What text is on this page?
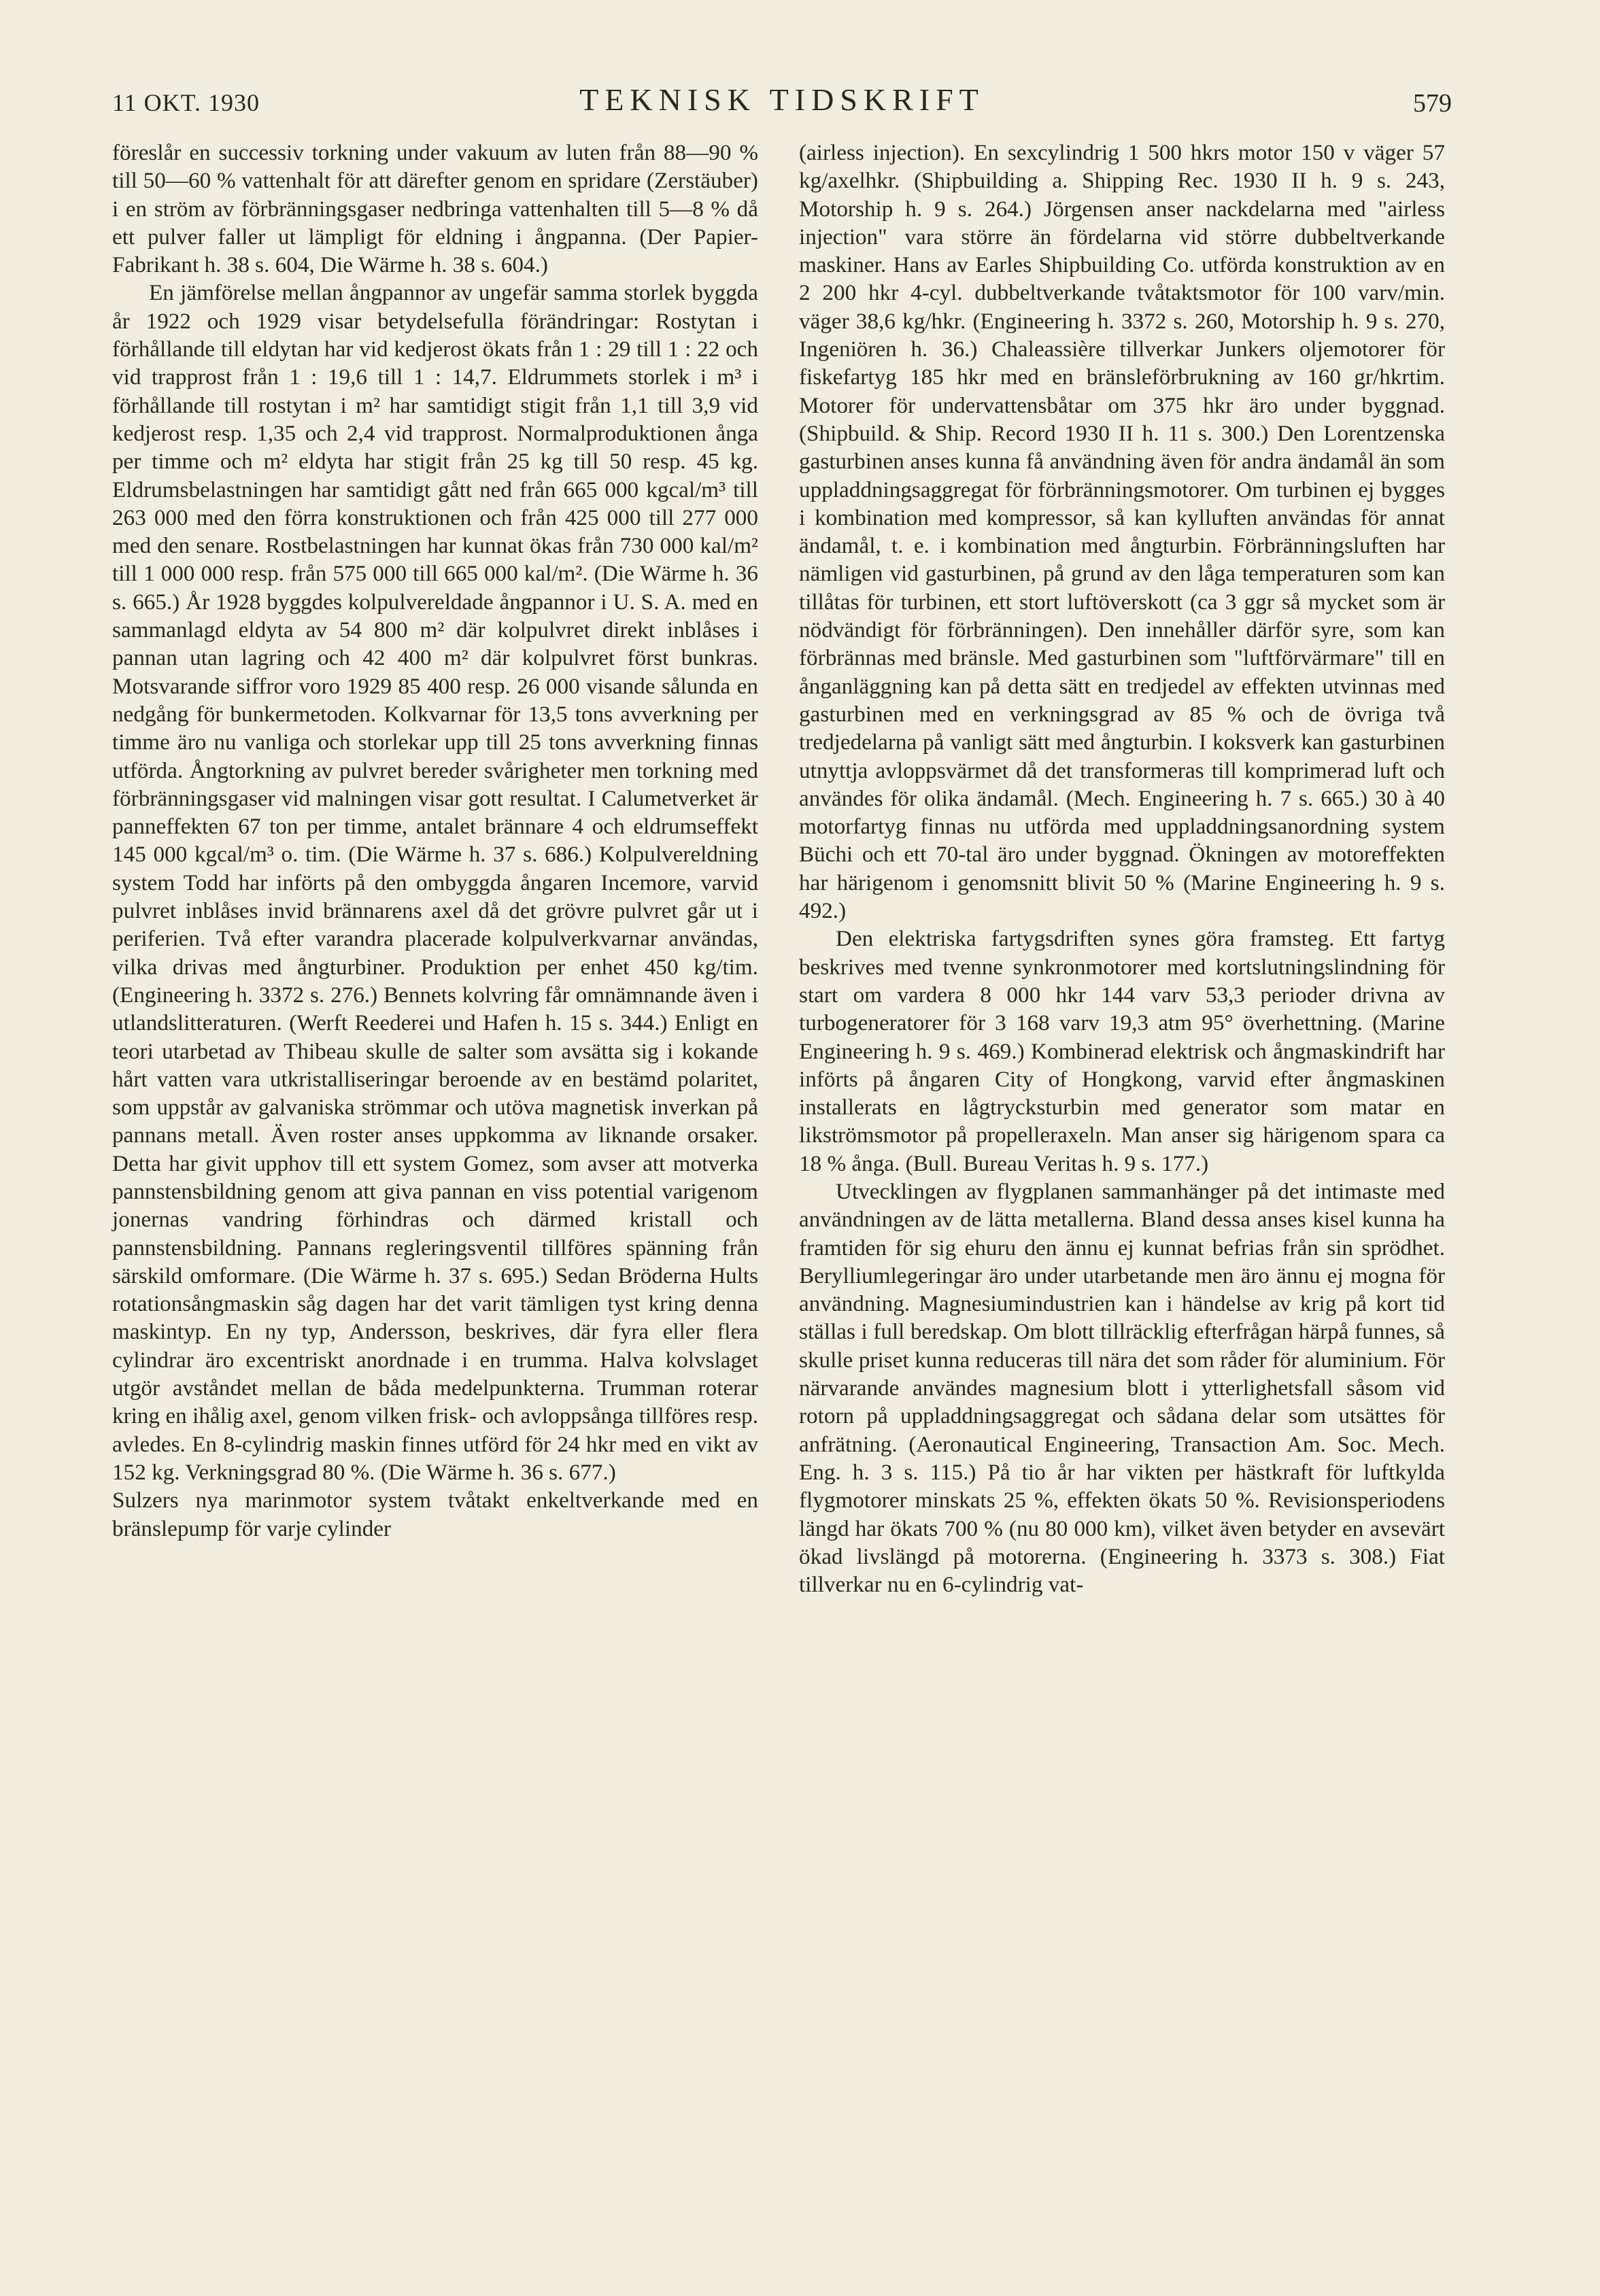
11 OKT. 1930	TEKNISK TIDSKRIFT	579

föreslår en successiv torkning under vakuum av luten från 88—90 % till 50—60 % vattenhalt för att därefter genom en spridare (Zerstäuber) i en ström av förbränningsgaser nedbringa vattenhalten till 5—8 % då ett pulver faller ut lämpligt för eldning i ångpanna. (Der Papier-Fabrikant h. 38 s. 604, Die Wärme h. 38 s. 604.)

En jämförelse mellan ångpannor av ungefär samma storlek byggda år 1922 och 1929 visar betydelsefulla förändringar: Rostytan i förhållande till eldytan har vid kedjerost ökats från 1 : 29 till 1 : 22 och vid trapprost från 1 : 19,6 till 1 : 14,7. Eldrummets storlek i m³ i förhållande till rostytan i m² har samtidigt stigit från 1,1 till 3,9 vid kedjerost resp. 1,35 och 2,4 vid trapprost. Normalproduktionen ånga per timme och m² eldyta har stigit från 25 kg till 50 resp. 45 kg. Eldrumsbelastningen har samtidigt gått ned från 665 000 kgcal/m³ till 263 000 med den förra konstruktionen och från 425 000 till 277 000 med den senare. Rostbelastningen har kunnat ökas från 730 000 kal/m² till 1 000 000 resp. från 575 000 till 665 000 kal/m². (Die Wärme h. 36 s. 665.) År 1928 byggdes kolpulvereldade ångpannor i U. S. A. med en sammanlagd eldyta av 54 800 m² där kolpulvret direkt inblåses i pannan utan lagring och 42 400 m² där kolpulvret först bunkras. Motsvarande siffror voro 1929 85 400 resp. 26 000 visande sålunda en nedgång för bunkermetoden. Kolkvarnar för 13,5 tons avverkning per timme äro nu vanliga och storlekar upp till 25 tons avverkning finnas utförda. Ångtorkning av pulvret bereder svårigheter men torkning med förbränningsgaser vid malningen visar gott resultat. I Calumetverket är panneffekten 67 ton per timme, antalet brännare 4 och eldrumseffekt 145 000 kgcal/m³ o. tim. (Die Wärme h. 37 s. 686.) Kolpulvereldning system Todd har införts på den ombyggda ångaren Incemore, varvid pulvret inblåses invid brännarens axel då det grövre pulvret går ut i periferien. Två efter varandra placerade kolpulverkvarnar användas, vilka drivas med ångturbiner. Produktion per enhet 450 kg/tim. (Engineering h. 3372 s. 276.) Bennets kolvring får omnämnande även i utlandslitteraturen. (Werft Reederei und Hafen h. 15 s. 344.) Enligt en teori utarbetad av Thibeau skulle de salter som avsätta sig i kokande hårt vatten vara utkristalliseringar beroende av en bestämd polaritet, som uppstår av galvaniska strömmar och utöva magnetisk inverkan på pannans metall. Även roster anses uppkomma av liknande orsaker. Detta har givit upphov till ett system Gomez, som avser att motverka pannstensbildning genom att giva pannan en viss potential varigenom jonernas vandring förhindras och därmed kristall och pannstensbildning. Pannans regleringsventil tillföres spänning från särskild omformare. (Die Wärme h. 37 s. 695.) Sedan Bröderna Hults rotationsångmaskin såg dagen har det varit tämligen tyst kring denna maskintyp. En ny typ, Andersson, beskrives, där fyra eller flera cylindrar äro excentriskt anordnade i en trumma. Halva kolvslaget utgör avståndet mellan de båda medelpunkterna. Trumman roterar kring en ihålig axel, genom vilken frisk- och avloppsånga tillföres resp. avledes. En 8-cylindrig maskin finnes utförd för 24 hkr med en vikt av 152 kg. Verkningsgrad 80 %. (Die Wärme h. 36 s. 677.)

Sulzers nya marinmotor system tvåtakt enkeltverkande med en bränslepump för varje cylinder

(airless injection). En sexcylindrig 1 500 hkrs motor 150 v väger 57 kg/axelhkr. (Shipbuilding a. Shipping Rec. 1930 II h. 9 s. 243, Motorship h. 9 s. 264.) Jörgensen anser nackdelarna med "airless injection" vara större än fördelarna vid större dubbeltverkande maskiner. Hans av Earles Shipbuilding Co. utförda konstruktion av en 2 200 hkr 4-cyl. dubbeltverkande tvåtaktsmotor för 100 varv/min. väger 38,6 kg/hkr. (Engineering h. 3372 s. 260, Motorship h. 9 s. 270, Ingeniören h. 36.) Chaleassière tillverkar Junkers oljemotorer för fiskefartyg 185 hkr med en bränsleförbrukning av 160 gr/hkrtim. Motorer för undervattensbåtar om 375 hkr äro under byggnad. (Shipbuild. & Ship. Record 1930 II h. 11 s. 300.) Den Lorentzenska gasturbinen anses kunna få användning även för andra ändamål än som uppladdningsaggregat för förbränningsmotorer. Om turbinen ej bygges i kombination med kompressor, så kan kylluften användas för annat ändamål, t. e. i kombination med ångturbin. Förbränningsluften har nämligen vid gasturbinen, på grund av den låga temperaturen som kan tillåtas för turbinen, ett stort luftöverskott (ca 3 ggr så mycket som är nödvändigt för förbränningen). Den innehåller därför syre, som kan förbrännas med bränsle. Med gasturbinen som "luftförvärmare" till en ånganläggning kan på detta sätt en tredjedel av effekten utvinnas med gasturbinen med en verkningsgrad av 85 % och de övriga två tredjedelarna på vanligt sätt med ångturbin. I koksverk kan gasturbinen utnyttja avloppsvärmet då det transformeras till komprimerad luft och användes för olika ändamål. (Mech. Engineering h. 7 s. 665.) 30 à 40 motorfartyg finnas nu utförda med uppladdningsanordning system Büchi och ett 70-tal äro under byggnad. Ökningen av motoreffekten har härigenom i genomsnitt blivit 50 % (Marine Engineering h. 9 s. 492.)

Den elektriska fartygsdriften synes göra framsteg. Ett fartyg beskrives med tvenne synkronmotorer med kortslutningslindning för start om vardera 8 000 hkr 144 varv 53,3 perioder drivna av turbogeneratorer för 3 168 varv 19,3 atm 95° överhettning. (Marine Engineering h. 9 s. 469.) Kombinerad elektrisk och ångmaskindrift har införts på ångaren City of Hongkong, varvid efter ångmaskinen installerats en lågtrycksturbin med generator som matar en likströmsmotor på propelleraxeln. Man anser sig härigenom spara ca 18 % ånga. (Bull. Bureau Veritas h. 9 s. 177.)

Utvecklingen av flygplanen sammanhänger på det intimaste med användningen av de lätta metallerna. Bland dessa anses kisel kunna ha framtiden för sig ehuru den ännu ej kunnat befrias från sin sprödhet. Berylliumlegeringar äro under utarbetande men äro ännu ej mogna för användning. Magnesiumindustrien kan i händelse av krig på kort tid ställas i full beredskap. Om blott tillräcklig efterfrågan härpå funnes, så skulle priset kunna reduceras till nära det som råder för aluminium. För närvarande användes magnesium blott i ytterlighetsfall såsom vid rotorn på uppladdningsaggregat och sådana delar som utsättes för anfrätning. (Aeronautical Engineering, Transaction Am. Soc. Mech. Eng. h. 3 s. 115.) På tio år har vikten per hästkraft för luftkylda flygmotorer minskats 25 %, effekten ökats 50 %. Revisionsperiodens längd har ökats 700 % (nu 80 000 km), vilket även betyder en avsevärt ökad livslängd på motorerna. (Engineering h. 3373 s. 308.) Fiat tillverkar nu en 6-cylindrig vat-
